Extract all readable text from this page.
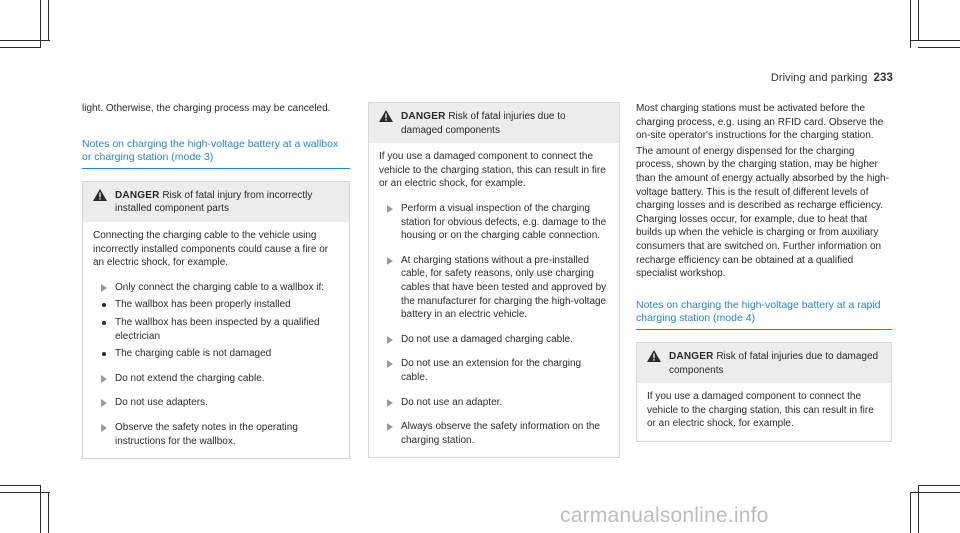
Driving and parking 233

light. Otherwise, the charging process may be canceled.

Notes on charging the high-voltage battery at a wallbox or charging station (mode 3)
DANGER Risk of fatal injury from incorrectly installed component parts

Connecting the charging cable to the vehicle using incorrectly installed components could cause a fire or an electric shock, for example.

Only connect the charging cable to a wallbox if:
The wallbox has been properly installed
The wallbox has been inspected by a qualified electrician
The charging cable is not damaged
Do not extend the charging cable.
Do not use adapters.
Observe the safety notes in the operating instructions for the wallbox.
DANGER Risk of fatal injuries due to damaged components

If you use a damaged component to connect the vehicle to the charging station, this can result in fire or an electric shock, for example.

Perform a visual inspection of the charging station for obvious defects, e.g. damage to the housing or on the charging cable connection.
At charging stations without a pre-installed cable, for safety reasons, only use charging cables that have been tested and approved by the manufacturer for charging the high-voltage battery in an electric vehicle.
Do not use a damaged charging cable.
Do not use an extension for the charging cable.
Do not use an adapter.
Always observe the safety information on the charging station.

Most charging stations must be activated before the charging process, e.g. using an RFID card. Observe the on-site operator's instructions for the charging station.

The amount of energy dispensed for the charging process, shown by the charging station, may be higher than the amount of energy actually absorbed by the high-voltage battery. This is the result of different levels of charging losses and is described as recharge efficiency. Charging losses occur, for example, due to heat that builds up when the vehicle is charging or from auxiliary consumers that are switched on. Further information on recharge efficiency can be obtained at a qualified specialist workshop.

Notes on charging the high-voltage battery at a rapid charging station (mode 4)
DANGER Risk of fatal injuries due to damaged components

If you use a damaged component to connect the vehicle to the charging station, this can result in fire or an electric shock, for example.

carmanualsonline.info
